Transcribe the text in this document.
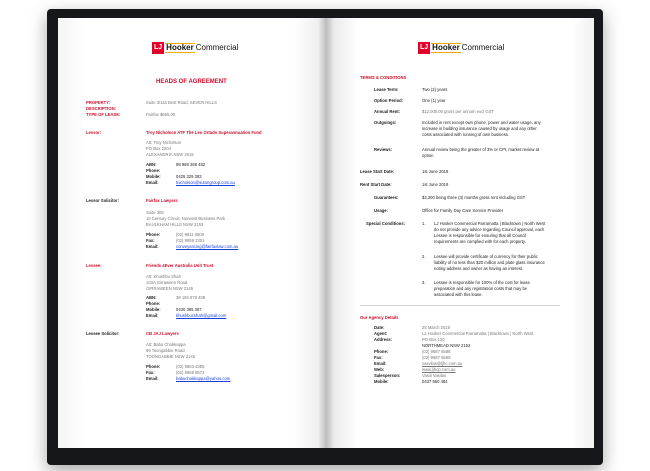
LJ Hooker Commercial
HEADS OF AGREEMENT
PROPERTY:	Suite 3/116 Best Road, SEVEN HILLS
DESCRIPTION:
TYPE OF LEASE:	Fairfax $665.00
Lessor:	Troy Nicholson ATF The Leo Ortado Superannuation Fund
Att: Troy Nicholson
PO Box 2204
ALEXANDRIA NSW 2015
ABN:	98 968 268 482
Phone:
Mobile:	0425 329 383
Email:	tnicholson@sutongroup.com.au
Lessor Solicitor:	Fairfax Lawyers
Suite 305
10 Century Circuit, Norwest Business Park
BAULKHAM HILLS NSW 2153
Phone:	(02) 9611 0800
Fax:	(02) 8859 2301
Email:	conveyancing@fairfaxlaw.com.au
Lessee:	Friends 4Ever Australia Unit Trust
Att: Khushbu Shah
103A Girraween Road
GIRRAWEEN NSW 2145
ABN:	38 165 878 408
Phone:
Mobile:	0430 385 387
Email:	khushbucshah@gmail.com
Lessee Solicitor:	CB JAJ Lawyers
Att: Babu Chokkappa
69 Toongabbie Road
TOONGABBIE NSW 2146
Phone:	(02) 9863 4385
Fax:	(02) 8569 8572
Email:	babuchokkappa@yahoo.com
LJ Hooker Commercial
TERMS & CONDITIONS
Lease Term:	Two (2) years
Option Period:	One (1) year
Annual Rent:	$12,000.00 gross per annum excl GST
Outgoings:	Included in rent except own phone, power and water usage, any
increase in building insurance caused by usage and any other
costs associated with running of own business.
Reviews:	Annual review being the greater of 3% or CPI, market review at
option
Lease Start Date:	1st June 2019
Rent Start Date:	1st June 2019
Guarantees:	$3,300 being three (3) months gross rent including GST
Usage:	Office for Family Day Care Service Provider
Special Conditions:	1. LJ Hooker Commercial Parramatta | Blacktown | North West
do not provide any advice regarding Council approval, each
Lessee is responsible for ensuring that all Council
requirements are complied with for each property.
2. Lessee will provide certificate of currency for their public
liability of no less than $20 million and plate glass insurance
noting address and owner as having an interest.
3. Lessee is responsible for 100% of the cost for lease
preparation and any registration costs that may be
associated with this lease.
Our Agency Details
Date:	25 March 2019
Agent:	LJ Hooker Commercial Parramatta | Blacktown | North West
Address:	PO Box 120
NORTHMEAD NSW 2152
Phone:	(02) 9687 5588
Fax:	(02) 9687 5599
Email:	vasvilas@ljhc.com.au
Web:	www.ljhcp.com.au
Salesperson:	Vasili Vasilas
Mobile:	0437 550 484
